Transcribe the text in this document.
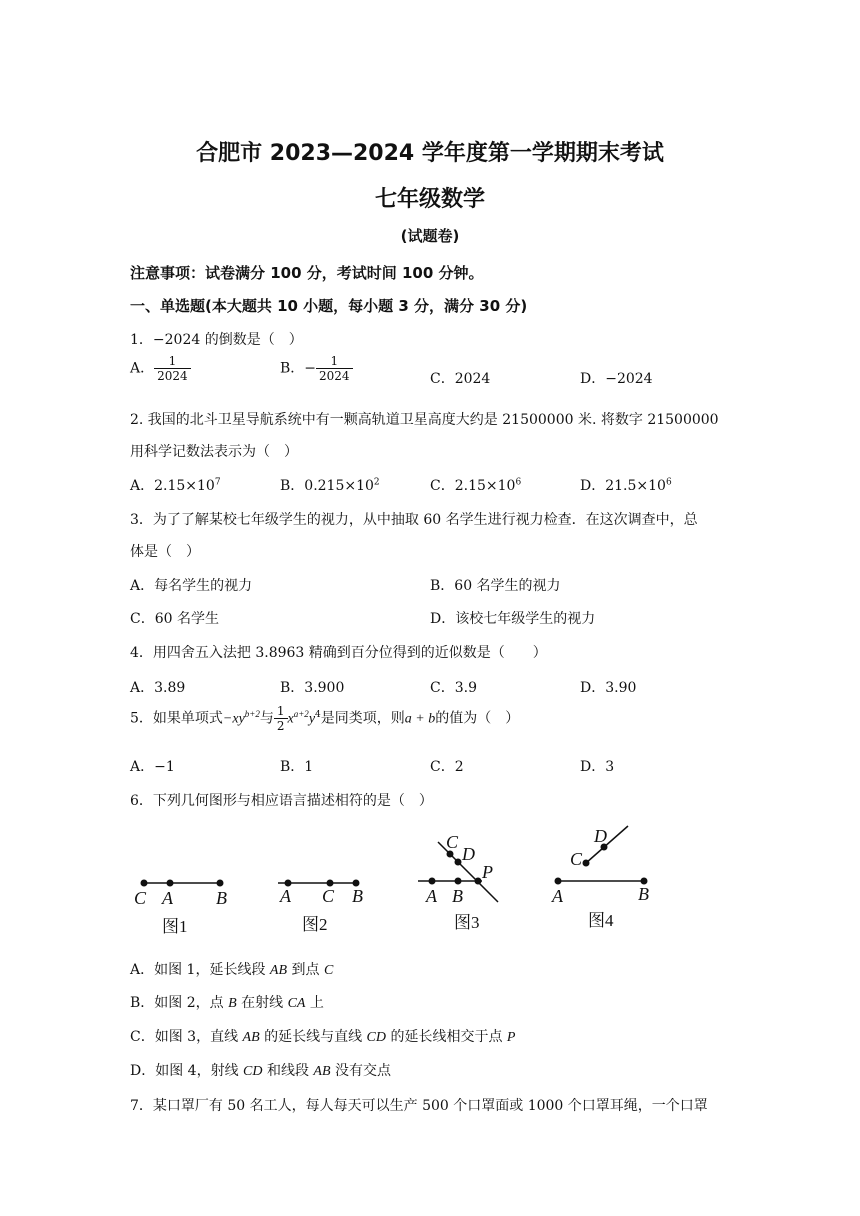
合肥市 2023—2024 学年度第一学期期末考试
七年级数学
(试题卷)
注意事项：试卷满分 100 分，考试时间 100 分钟。
一、单选题(本大题共 10 小题，每小题 3 分，满分 30 分)
1．−2024 的倒数是（　）
A． $\frac{1}{2024}$	B．− $\frac{1}{2024}$	C．2024	D．−2024
2. 我国的北斗卫星导航系统中有一颗高轨道卫星高度大约是 21500000 米. 将数字 21500000
用科学记数法表示为（　）
A．$2.15\times 10^7$	B．$0.215\times 10^2$	C．$2.15\times 10^6$	D．$21.5\times 10^6$
3．为了了解某校七年级学生的视力，从中抽取 60 名学生进行视力检查．在这次调查中，总
体是（　）
A．每名学生的视力	B．60 名学生的视力
C．60 名学生	D．该校七年级学生的视力
4．用四舍五入法把 3.8963 精确到百分位得到的近似数是（　　）
A．3.89	B．3.900	C．3.9	D．3.90
5．如果单项式$-xy^{b+2}$与 $\frac{1}{2} x^{a+2}y^4$是同类项，则a + b的值为（　）
A．−1	B．1	C．2	D．3
6．下列几何图形与相应语言描述相符的是（　）
C A B
图1
A C B
图2
C
D
P
A B
图3
D
C
A	B
图4
A．如图 1，延长线段 AB 到点 C
B．如图 2，点 B 在射线 CA 上
C．如图 3，直线 AB 的延长线与直线 CD 的延长线相交于点 P
D．如图 4，射线 CD 和线段 AB 没有交点
7．某口罩厂有 50 名工人，每人每天可以生产 500 个口罩面或 1000 个口罩耳绳，一个口罩
